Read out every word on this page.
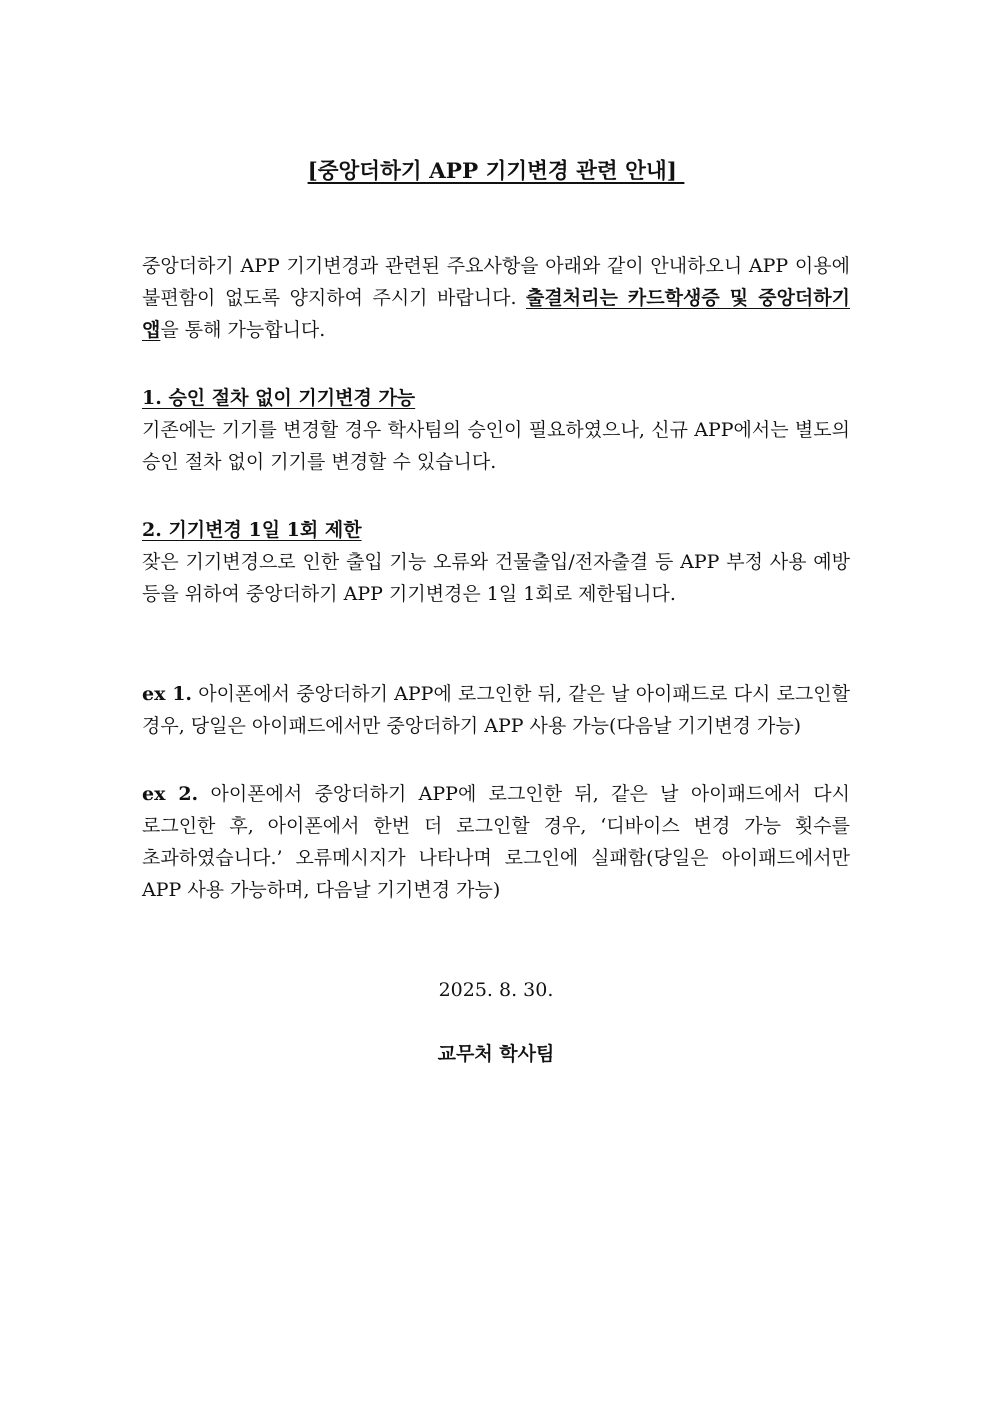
[중앙더하기 APP 기기변경 관련 안내]

중앙더하기 APP 기기변경과 관련된 주요사항을 아래와 같이 안내하오니 APP 이용에 불편함이 없도록 양지하여 주시기 바랍니다. 출결처리는 카드학생증 및 중앙더하기 앱을 통해 가능합니다.

1. 승인 절차 없이 기기변경 가능

기존에는 기기를 변경할 경우 학사팀의 승인이 필요하였으나, 신규 APP에서는 별도의 승인 절차 없이 기기를 변경할 수 있습니다.

2. 기기변경 1일 1회 제한

잦은 기기변경으로 인한 출입 기능 오류와 건물출입/전자출결 등 APP 부정 사용 예방 등을 위하여 중앙더하기 APP 기기변경은 1일 1회로 제한됩니다.

ex 1. 아이폰에서 중앙더하기 APP에 로그인한 뒤, 같은 날 아이패드로 다시 로그인할 경우, 당일은 아이패드에서만 중앙더하기 APP 사용 가능(다음날 기기변경 가능)

ex 2. 아이폰에서 중앙더하기 APP에 로그인한 뒤, 같은 날 아이패드에서 다시 로그인한 후, 아이폰에서 한번 더 로그인할 경우, ‘디바이스 변경 가능 횟수를 초과하였습니다.’ 오류메시지가 나타나며 로그인에 실패함(당일은 아이패드에서만 APP 사용 가능하며, 다음날 기기변경 가능)

2025. 8. 30.

교무처 학사팀
